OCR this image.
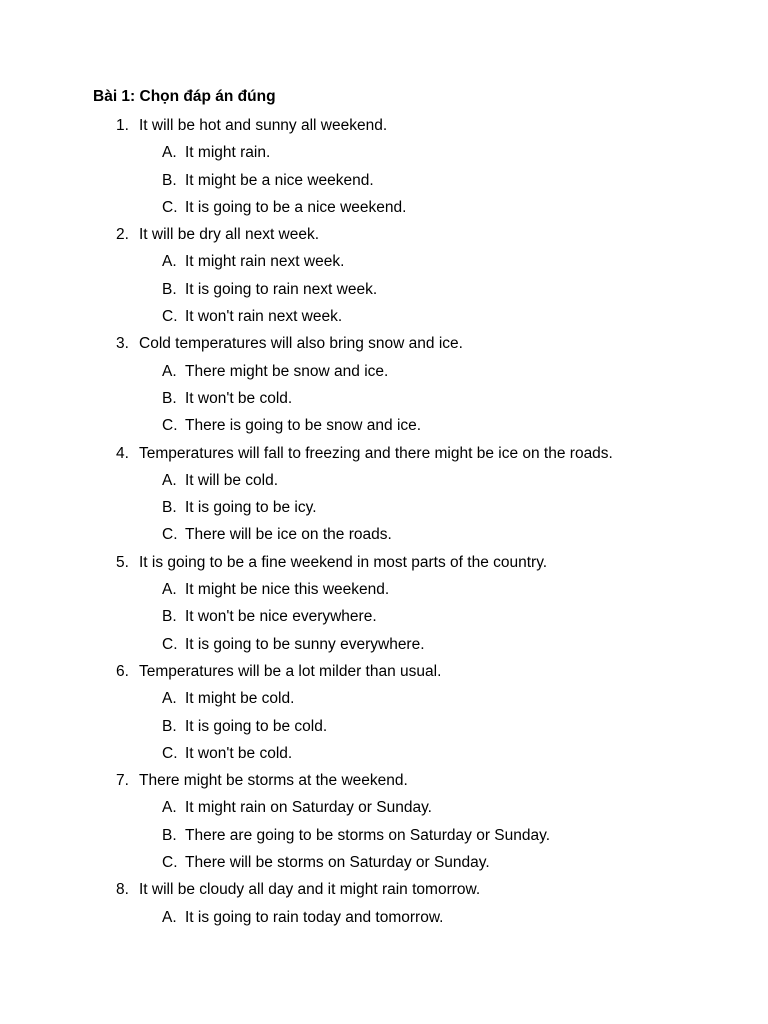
Bài 1: Chọn đáp án đúng
1. It will be hot and sunny all weekend.
A. It might rain.
B. It might be a nice weekend.
C. It is going to be a nice weekend.
2. It will be dry all next week.
A. It might rain next week.
B. It is going to rain next week.
C. It won't rain next week.
3. Cold temperatures will also bring snow and ice.
A. There might be snow and ice.
B. It won't be cold.
C. There is going to be snow and ice.
4. Temperatures will fall to freezing and there might be ice on the roads.
A. It will be cold.
B. It is going to be icy.
C. There will be ice on the roads.
5. It is going to be a fine weekend in most parts of the country.
A. It might be nice this weekend.
B. It won't be nice everywhere.
C. It is going to be sunny everywhere.
6. Temperatures will be a lot milder than usual.
A. It might be cold.
B. It is going to be cold.
C. It won't be cold.
7. There might be storms at the weekend.
A. It might rain on Saturday or Sunday.
B. There are going to be storms on Saturday or Sunday.
C. There will be storms on Saturday or Sunday.
8. It will be cloudy all day and it might rain tomorrow.
A. It is going to rain today and tomorrow.
